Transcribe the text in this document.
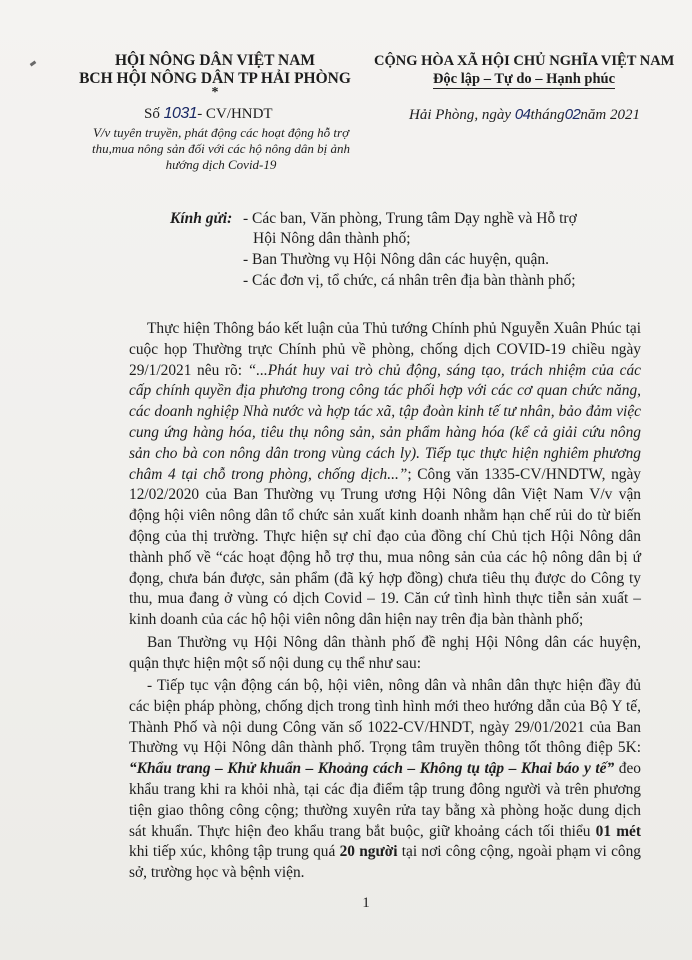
HỘI NÔNG DÂN VIỆT NAM
BCH HỘI NÔNG DÂN TP HẢI PHÒNG
*
Số 1031- CV/HNDT
V/v tuyên truyền, phát động các hoạt động hỗ trợ
thu,mua nông sản đối với các hộ nông dân bị ảnh
hướng dịch Covid-19
CỘNG HÒA XÃ HỘI CHỦ NGHĨA VIỆT NAM
Độc lập – Tự do – Hạnh phúc
Hải Phòng, ngày 04tháng02năm 2021
Kính gửi: - Các ban, Văn phòng, Trung tâm Dạy nghề và Hỗ trợ
Hội Nông dân thành phố;
- Ban Thường vụ Hội Nông dân các huyện, quận.
- Các đơn vị, tổ chức, cá nhân trên địa bàn thành phố;

Thực hiện Thông báo kết luận của Thủ tướng Chính phủ Nguyễn Xuân Phúc tại cuộc họp Thường trực Chính phủ về phòng, chống dịch COVID-19 chiều ngày 29/1/2021 nêu rõ: “...Phát huy vai trò chủ động, sáng tạo, trách nhiệm của các cấp chính quyền địa phương trong công tác phối hợp với các cơ quan chức năng, các doanh nghiệp Nhà nước và hợp tác xã, tập đoàn kinh tế tư nhân, bảo đảm việc cung ứng hàng hóa, tiêu thụ nông sản, sản phẩm hàng hóa (kể cả giải cứu nông sản cho bà con nông dân trong vùng cách ly). Tiếp tục thực hiện nghiêm phương châm 4 tại chỗ trong phòng, chống dịch...”; Công văn 1335-CV/HNDTW, ngày 12/02/2020 của Ban Thường vụ Trung ương Hội Nông dân Việt Nam V/v vận động hội viên nông dân tổ chức sản xuất kinh doanh nhằm hạn chế rủi do từ biến động của thị trường. Thực hiện sự chỉ đạo của đồng chí Chủ tịch Hội Nông dân thành phố về “các hoạt động hỗ trợ thu, mua nông sản của các hộ nông dân bị ứ đọng, chưa bán được, sản phẩm (đã ký hợp đồng) chưa tiêu thụ được do Công ty thu, mua đang ở vùng có dịch Covid – 19. Căn cứ tình hình thực tiễn sản xuất – kinh doanh của các hộ hội viên nông dân hiện nay trên địa bàn thành phố;

Ban Thường vụ Hội Nông dân thành phố đề nghị Hội Nông dân các huyện, quận thực hiện một số nội dung cụ thể như sau:

- Tiếp tục vận động cán bộ, hội viên, nông dân và nhân dân thực hiện đầy đủ các biện pháp phòng, chống dịch trong tình hình mới theo hướng dẫn của Bộ Y tế, Thành Phố và nội dung Công văn số 1022-CV/HNDT, ngày 29/01/2021 của Ban Thường vụ Hội Nông dân thành phố. Trọng tâm truyền thông tốt thông điệp 5K: “Khẩu trang – Khử khuẩn – Khoảng cách – Không tụ tập – Khai báo y tế” đeo khẩu trang khi ra khỏi nhà, tại các địa điểm tập trung đông người và trên phương tiện giao thông công cộng; thường xuyên rửa tay bằng xà phòng hoặc dung dịch sát khuẩn. Thực hiện đeo khẩu trang bắt buộc, giữ khoảng cách tối thiểu 01 mét khi tiếp xúc, không tập trung quá 20 người tại nơi công cộng, ngoài phạm vi công sở, trường học và bệnh viện.

1
